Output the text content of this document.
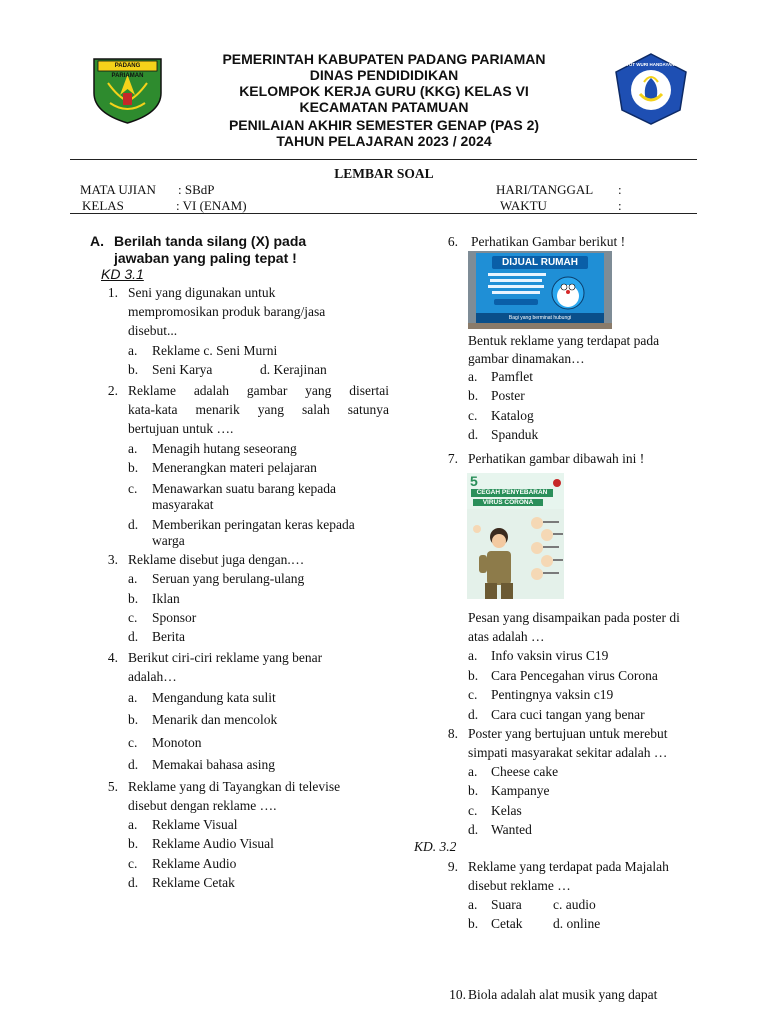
PADANG PARIAMAN
PEMERINTAH KABUPATEN PADANG PARIAMAN
DINAS PENDIDIDIKAN
KELOMPOK KERJA GURU (KKG) KELAS VI
KECAMATAN PATAMUAN
PENILAIAN AKHIR SEMESTER GENAP (PAS 2)
TAHUN PELAJARAN 2023 / 2024
TUT WURI HANDAYANI
LEMBAR SOAL
MATA UJIAN : SBdP
KELAS	: VI (ENAM)
HARI/TANGGAL :
WAKTU	:
A. Berilah tanda silang (X) pada
jawaban yang paling tepat !
KD 3.1
1. Seni yang digunakan untuk
mempromosikan produk barang/jasa
disebut...
a. Reklame c. Seni Murni
b. Seni Karya	d. Kerajinan
2. Reklame adalah gambar yang disertai
kata-kata menarik yang salah satunya
bertujuan untuk ….
a. Menagih hutang seseorang
b. Menerangkan materi pelajaran
c. Menawarkan suatu barang kepada
masyarakat
d. Memberikan peringatan keras kepada
warga
3. Reklame disebut juga dengan.…
a. Seruan yang berulang-ulang
b. Iklan
c. Sponsor
d. Berita
4. Berikut ciri-ciri reklame yang benar
adalah…
a. Mengandung kata sulit
b. Menarik dan mencolok
c. Monoton
d. Memakai bahasa asing
5. Reklame yang di Tayangkan di televise
disebut dengan reklame ….
a. Reklame Visual
b. Reklame Audio Visual
c. Reklame Audio
d. Reklame Cetak
6. Perhatikan Gambar berikut !
DIJUAL RUMAH
Bagi yang berminat hubungi
Bentuk reklame yang terdapat pada
gambar dinamakan…
a. Pamflet
b. Poster
c. Katalog
d. Spanduk
7. Perhatikan gambar dibawah ini !
5
CEGAH PENYEBARAN
VIRUS CORONA
Pesan yang disampaikan pada poster di
atas adalah …
a. Info vaksin virus C19
b. Cara Pencegahan virus Corona
c. Pentingnya vaksin c19
d. Cara cuci tangan yang benar
8. Poster yang bertujuan untuk merebut
simpati masyarakat sekitar adalah …
a. Cheese cake
b. Kampanye
c. Kelas
d. Wanted
KD. 3.2
9. Reklame yang terdapat pada Majalah
disebut reklame …
a. Suara c. audio
b. Cetak d. online
10. Biola adalah alat musik yang dapat
